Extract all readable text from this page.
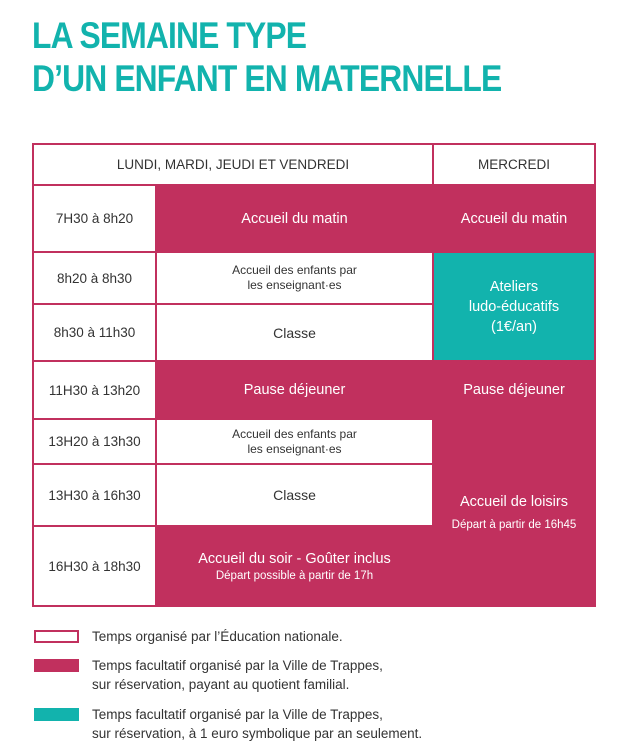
LA SEMAINE TYPE
D’UN ENFANT EN MATERNELLE
LUNDI, MARDI, JEUDI ET VENDREDI	MERCREDI
7H30 à 8h20
8h20 à 8h30
8h30 à 11h30
11H30 à 13h20
13H20 à 13h30
13H30 à 16h30
16H30 à 18h30
Accueil du matin
Accueil des enfants par
les enseignant·es
Classe
Pause déjeuner
Accueil des enfants par
les enseignant·es
Classe
Accueil du soir - Goûter inclus
Départ possible à partir de 17h
Accueil du matin
Ateliers
ludo-éducatifs
(1€/an)
Pause déjeuner
Accueil de loisirs
Départ à partir de 16h45
Temps organisé par l’Éducation nationale.
Temps facultatif organisé par la Ville de Trappes,
sur réservation, payant au quotient familial.
Temps facultatif organisé par la Ville de Trappes,
sur réservation, à 1 euro symbolique par an seulement.
